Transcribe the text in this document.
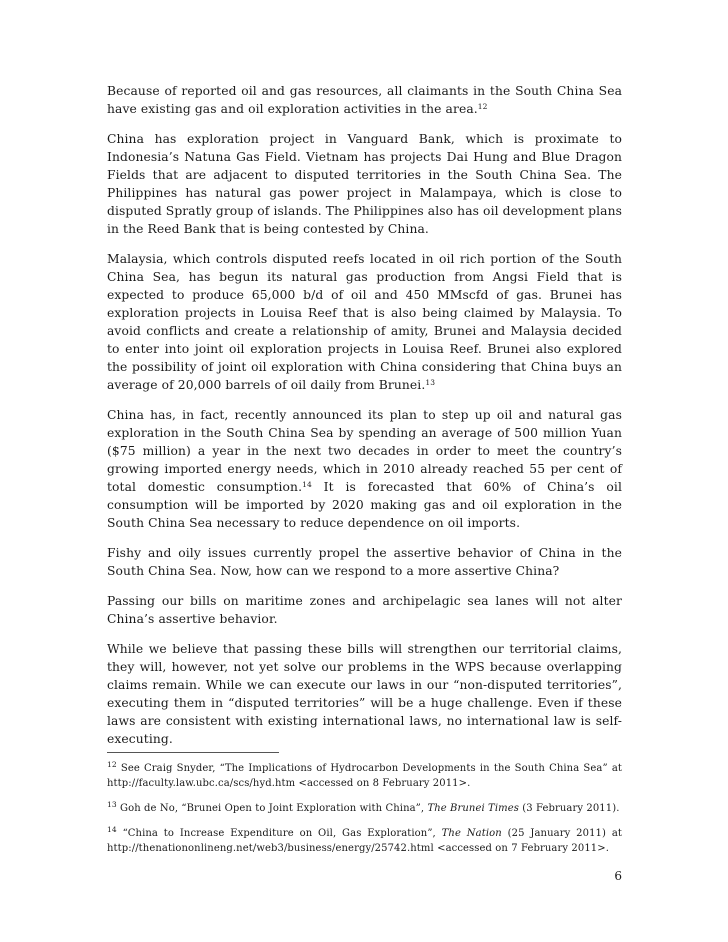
Because of reported oil and gas resources, all claimants in the South China Sea have existing gas and oil exploration activities in the area.$^{12}$

China has exploration project in Vanguard Bank, which is proximate to Indonesia’s Natuna Gas Field. Vietnam has projects Dai Hung and Blue Dragon Fields that are adjacent to disputed territories in the South China Sea. The Philippines has natural gas power project in Malampaya, which is close to disputed Spratly group of islands. The Philippines also has oil development plans in the Reed Bank that is being contested by China.

Malaysia, which controls disputed reefs located in oil rich portion of the South China Sea, has begun its natural gas production from Angsi Field that is expected to produce 65,000 b/d of oil and 450 MMscfd of gas. Brunei has exploration projects in Louisa Reef that is also being claimed by Malaysia. To avoid conflicts and create a relationship of amity, Brunei and Malaysia decided to enter into joint oil exploration projects in Louisa Reef. Brunei also explored the possibility of joint oil exploration with China considering that China buys an average of 20,000 barrels of oil daily from Brunei.$^{13}$

China has, in fact, recently announced its plan to step up oil and natural gas exploration in the South China Sea by spending an average of 500 million Yuan ($75 million) a year in the next two decades in order to meet the country’s growing imported energy needs, which in 2010 already reached 55 per cent of total domestic consumption.$^{14}$ It is forecasted that 60% of China’s oil consumption will be imported by 2020 making gas and oil exploration in the South China Sea necessary to reduce dependence on oil imports.

Fishy and oily issues currently propel the assertive behavior of China in the South China Sea. Now, how can we respond to a more assertive China?

Passing our bills on maritime zones and archipelagic sea lanes will not alter China’s assertive behavior.

While we believe that passing these bills will strengthen our territorial claims, they will, however, not yet solve our problems in the WPS because overlapping claims remain. While we can execute our laws in our “non-disputed territories”, executing them in “disputed territories” will be a huge challenge. Even if these laws are consistent with existing international laws, no international law is self-executing.

$^{12}$ See Craig Snyder, “The Implications of Hydrocarbon Developments in the South China Sea” at http://faculty.law.ubc.ca/scs/hyd.htm <accessed on 8 February 2011>.

$^{13}$ Goh de No, “Brunei Open to Joint Exploration with China”, The Brunei Times (3 February 2011).

$^{14}$ “China to Increase Expenditure on Oil, Gas Exploration”, The Nation (25 January 2011) at http://thenationonlineng.net/web3/business/energy/25742.html <accessed on 7 February 2011>.

6
